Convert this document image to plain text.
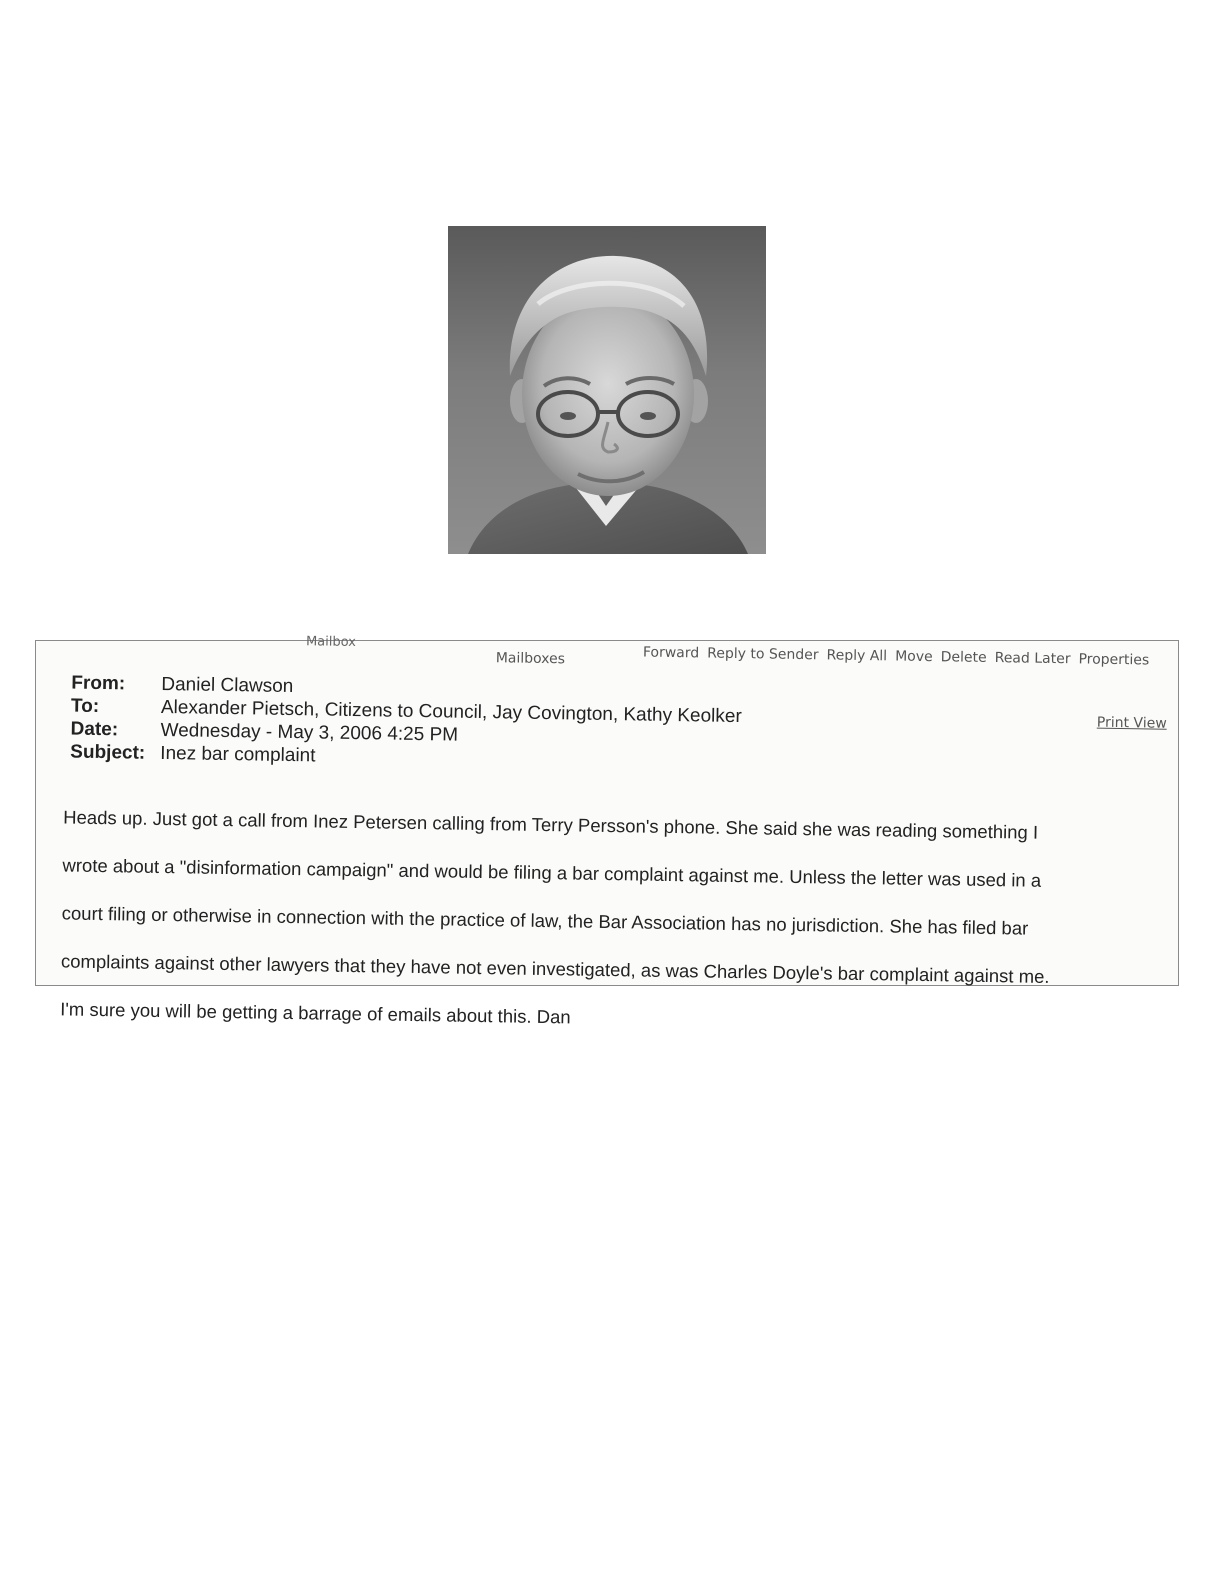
Mailbox
Mailboxes	Forward Reply to Sender Reply All Move Delete Read Later Properties
Print View
From:	Daniel Clawson
To:	Alexander Pietsch, Citizens to Council, Jay Covington, Kathy Keolker
Date:	Wednesday - May 3, 2006 4:25 PM
Subject: Inez bar complaint

Heads up. Just got a call from Inez Petersen calling from Terry Persson's phone. She said she was reading something I

wrote about a "disinformation campaign" and would be filing a bar complaint against me. Unless the letter was used in a

court filing or otherwise in connection with the practice of law, the Bar Association has no jurisdiction. She has filed bar

complaints against other lawyers that they have not even investigated, as was Charles Doyle's bar complaint against me.

I'm sure you will be getting a barrage of emails about this. Dan
